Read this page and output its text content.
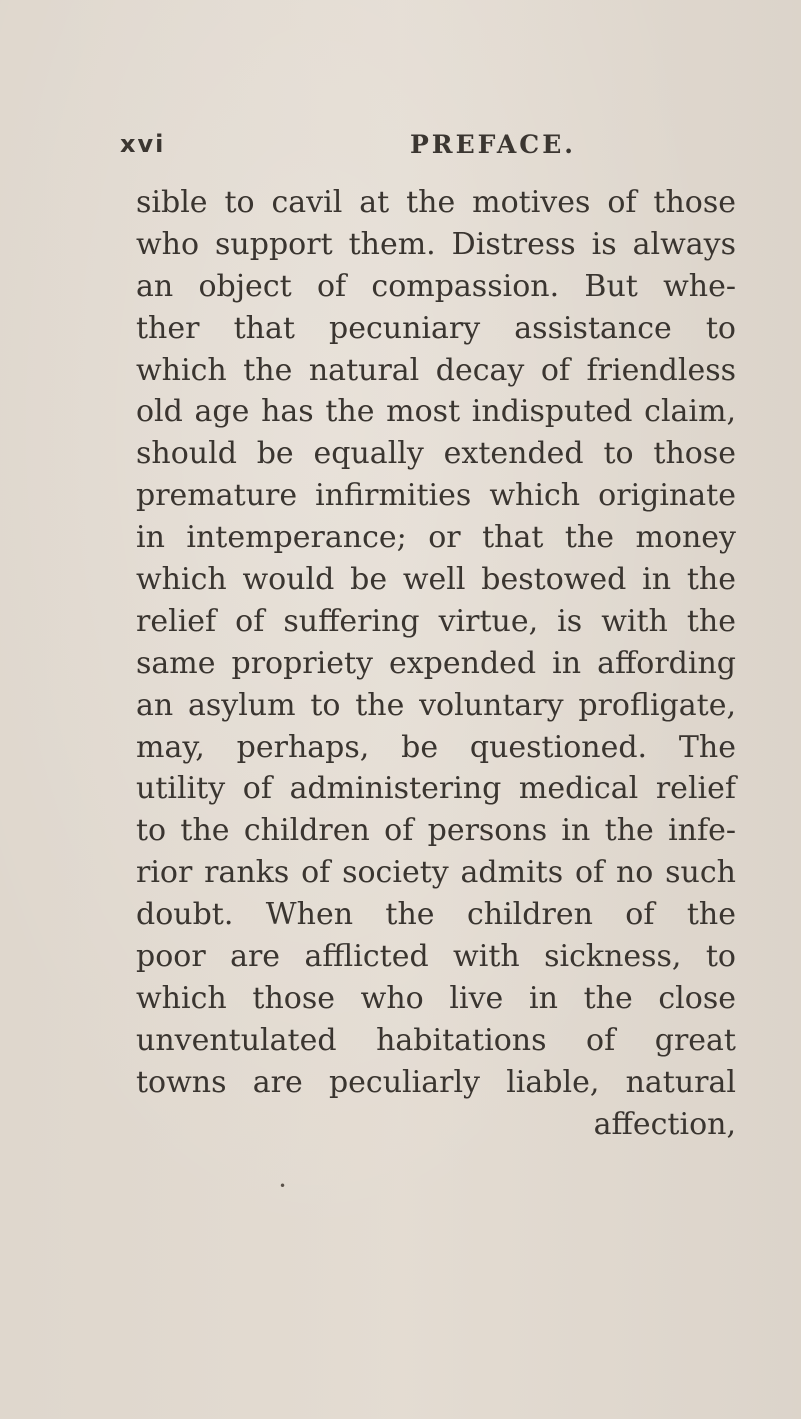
xvi	PREFACE.
sible to cavil at the motives of those
who support them. Distress is always
an object of compassion. But whe-
ther that pecuniary assistance to
which the natural decay of friendless
old age has the most indisputed claim,
should be equally extended to those
premature infirmities which originate
in intemperance; or that the money
which would be well bestowed in the
relief of suffering virtue, is with the
same propriety expended in affording
an asylum to the voluntary profligate,
may, perhaps, be questioned. The
utility of administering medical relief
to the children of persons in the infe-
rior ranks of society admits of no such
doubt. When the children of the
poor are afflicted with sickness, to
which those who live in the close
unventulated habitations of great
towns are peculiarly liable, natural
affection,
•
